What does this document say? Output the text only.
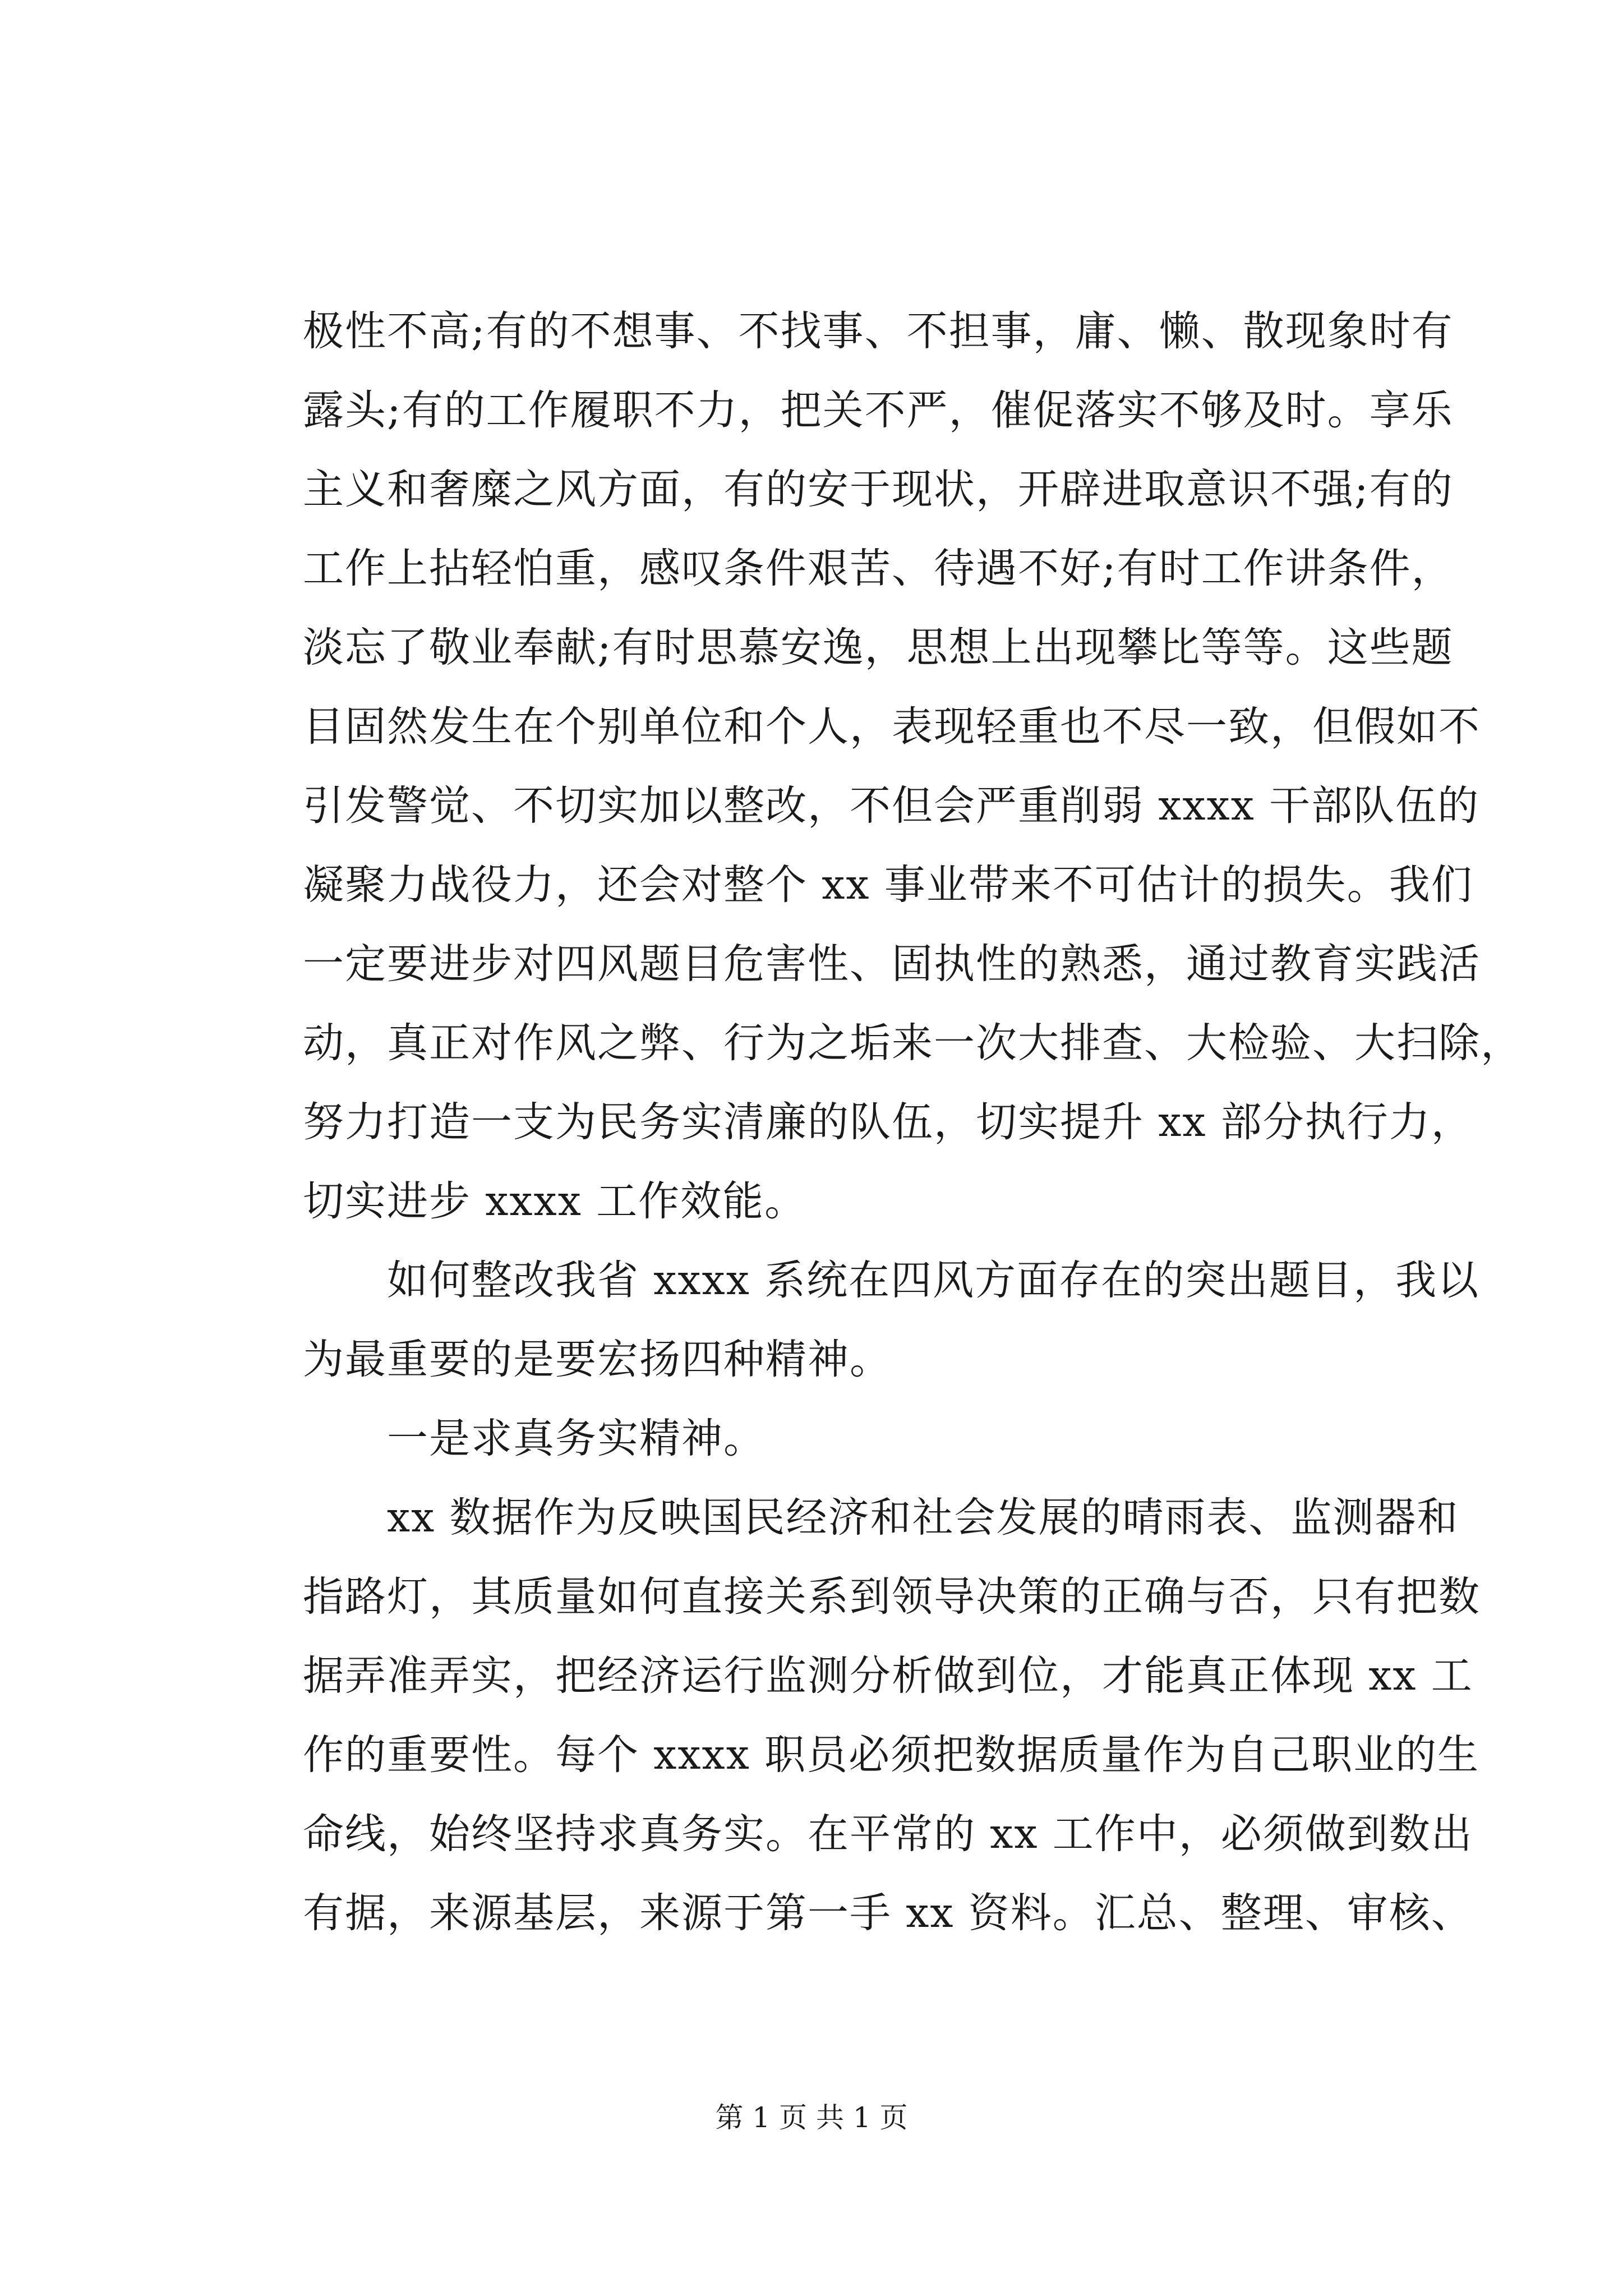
极性不高;有的不想事、不找事、不担事，庸、懒、散现象时有
露头;有的工作履职不力，把关不严，催促落实不够及时。享乐
主义和奢糜之风方面，有的安于现状，开辟进取意识不强;有的
工作上拈轻怕重，感叹条件艰苦、待遇不好;有时工作讲条件，
淡忘了敬业奉献;有时思慕安逸，思想上出现攀比等等。这些题
目固然发生在个别单位和个人，表现轻重也不尽一致，但假如不
引发警觉、不切实加以整改，不但会严重削弱 xxxx 干部队伍的
凝聚力战役力，还会对整个 xx 事业带来不可估计的损失。我们
一定要进步对四风题目危害性、固执性的熟悉，通过教育实践活
动，真正对作风之弊、行为之垢来一次大排查、大检验、大扫除，
努力打造一支为民务实清廉的队伍，切实提升 xx 部分执行力，
切实进步 xxxx 工作效能。
　　如何整改我省 xxxx 系统在四风方面存在的突出题目，我以
为最重要的是要宏扬四种精神。
　　一是求真务实精神。
　　xx 数据作为反映国民经济和社会发展的晴雨表、监测器和
指路灯，其质量如何直接关系到领导决策的正确与否，只有把数
据弄准弄实，把经济运行监测分析做到位，才能真正体现 xx 工
作的重要性。每个 xxxx 职员必须把数据质量作为自己职业的生
命线，始终坚持求真务实。在平常的 xx 工作中，必须做到数出
有据，来源基层，来源于第一手 xx 资料。汇总、整理、审核、
第 1 页 共 1 页
